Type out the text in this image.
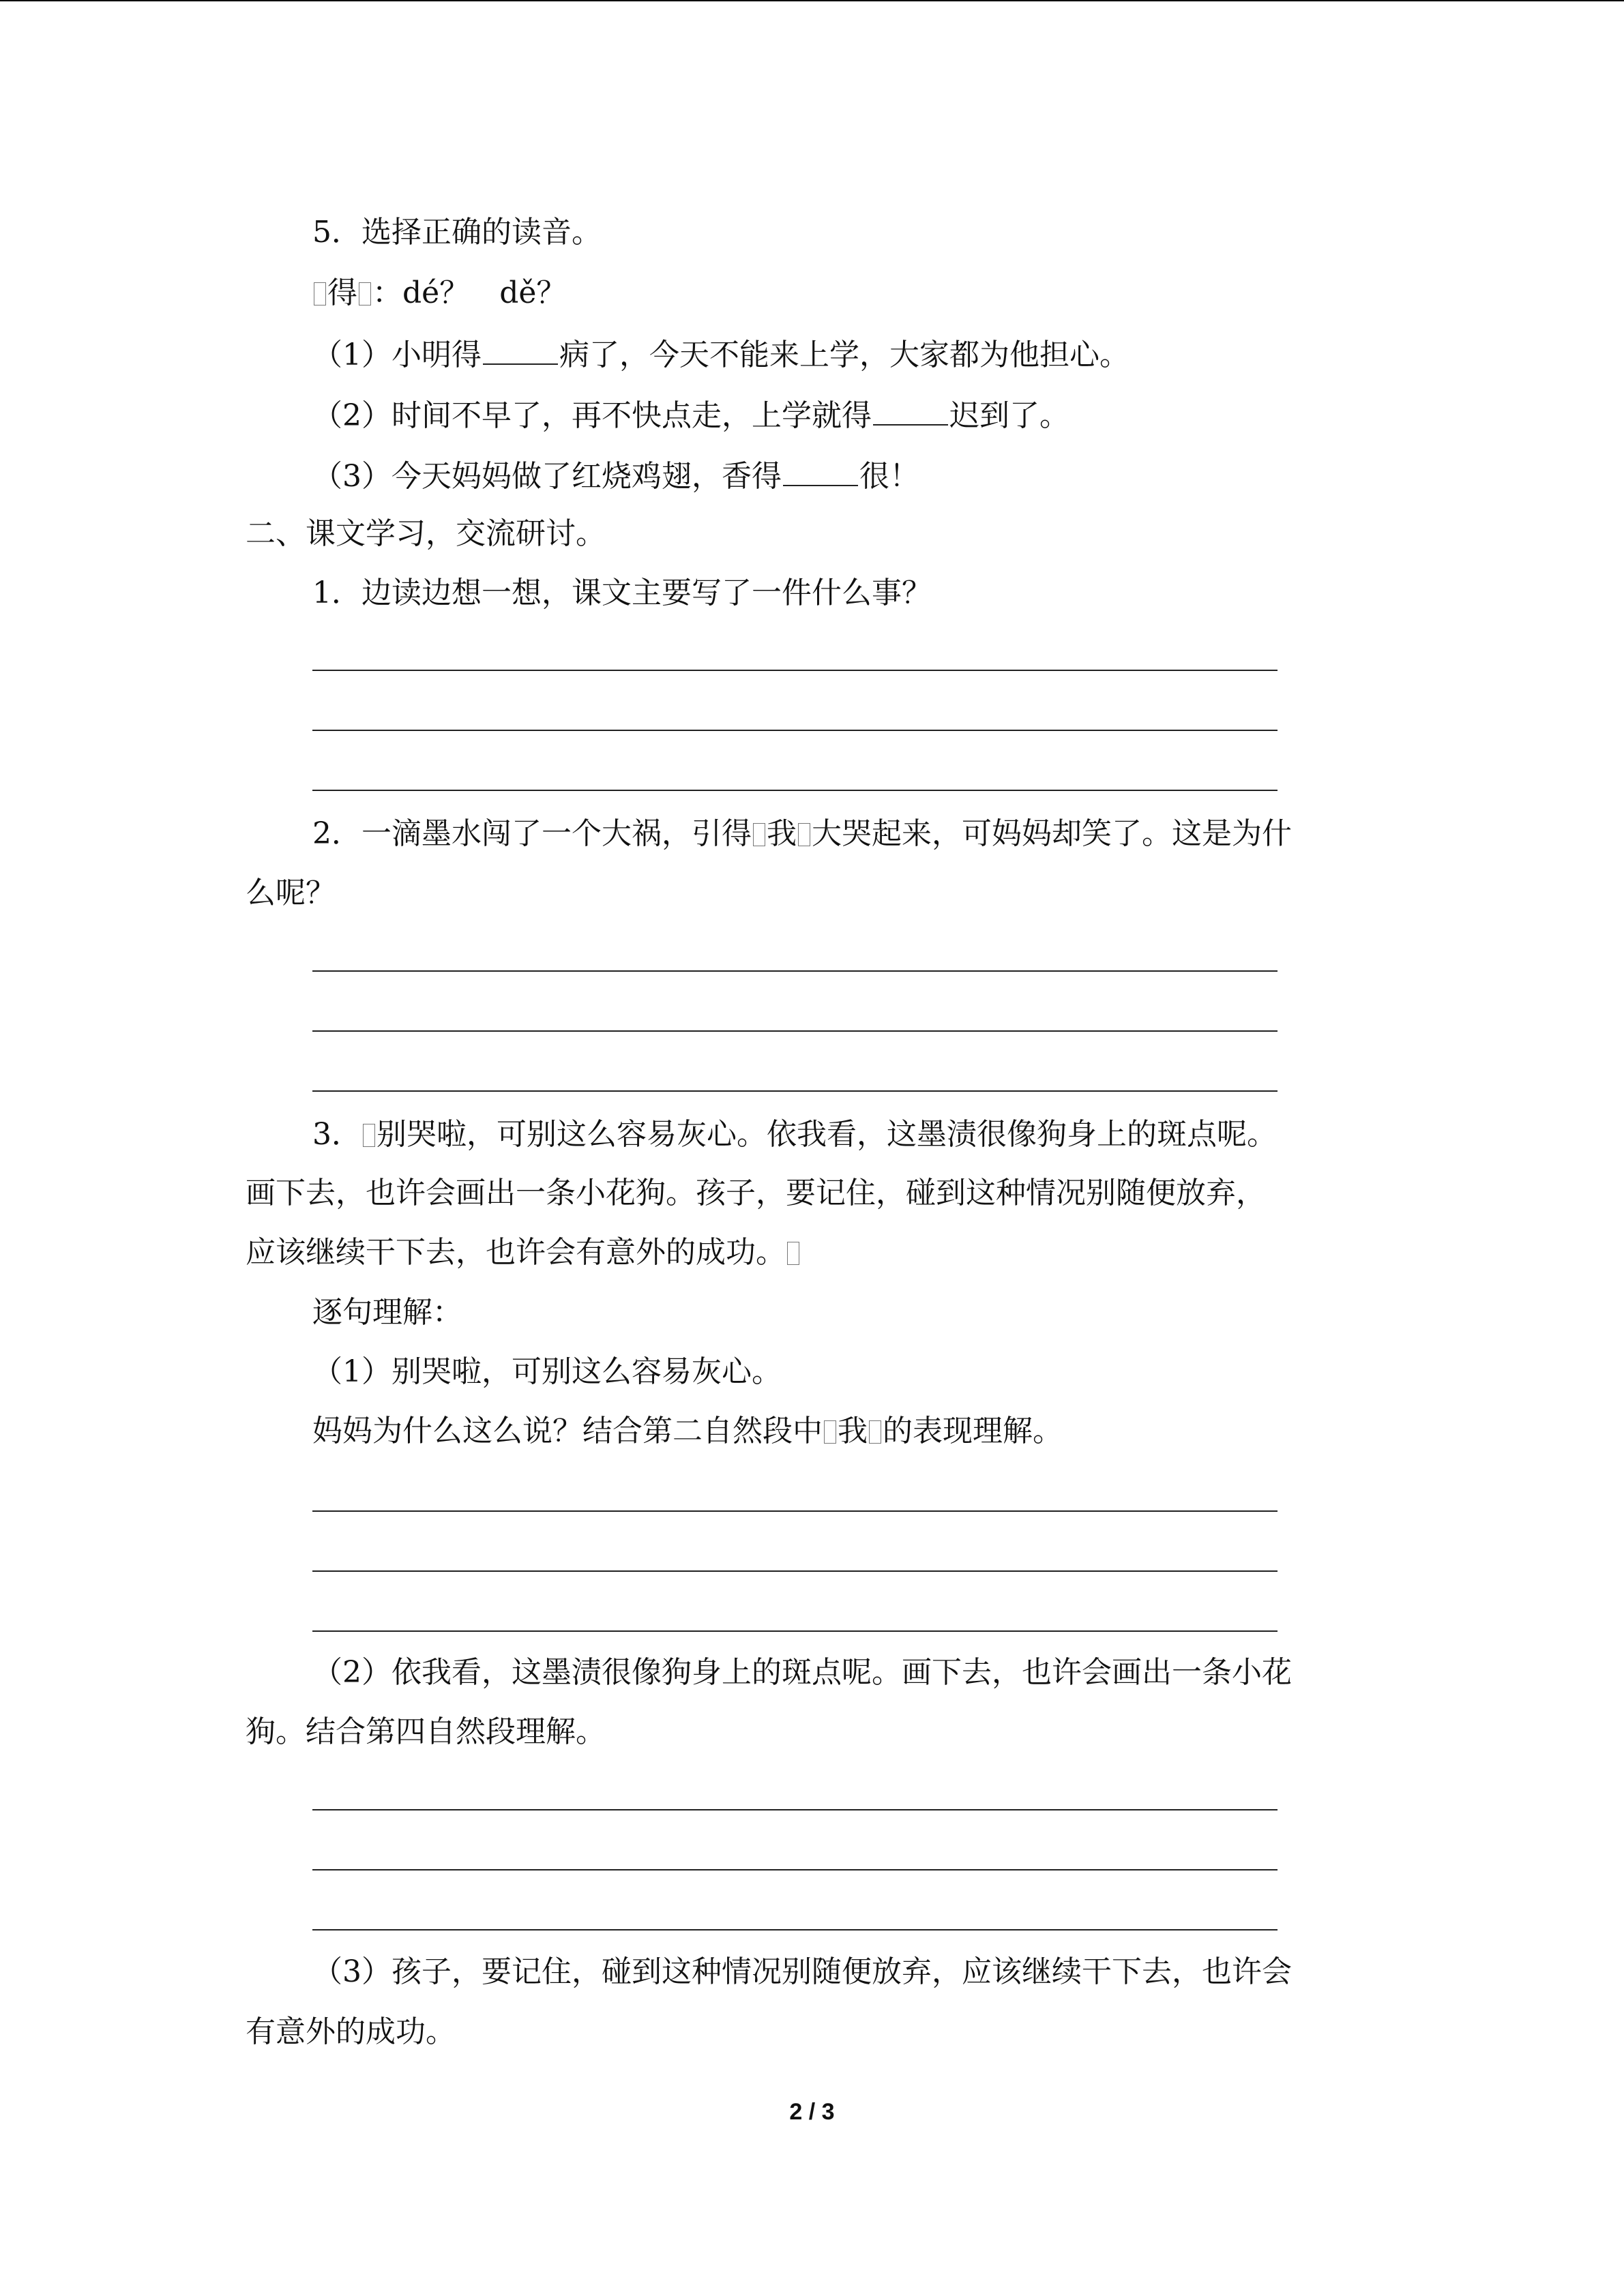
5．选择正确的读音。
得 ：dé？　dě？
（1）小明得	病了，今天不能来上学，大家都为他担心。
（2）时间不早了，再不快点走，上学就得	迟到了。
（3）今天妈妈做了红烧鸡翅，香得	很！
二、课文学习，交流研讨。
1．边读边想一想，课文主要写了一件什么事？
2．一滴墨水闯了一个大祸，引得 我 大哭起来，可妈妈却笑了。这是为什
么呢？
3． 别哭啦，可别这么容易灰心。依我看，这墨渍很像狗身上的斑点呢。
画下去，也许会画出一条小花狗。孩子，要记住，碰到这种情况别随便放弃，
应该继续干下去，也许会有意外的成功。
逐句理解：
（1）别哭啦，可别这么容易灰心。
妈妈为什么这么说？结合第二自然段中 我 的表现理解。
（2）依我看，这墨渍很像狗身上的斑点呢。画下去，也许会画出一条小花
狗。结合第四自然段理解。
（3）孩子，要记住，碰到这种情况别随便放弃，应该继续干下去，也许会
有意外的成功。
2 / 3
